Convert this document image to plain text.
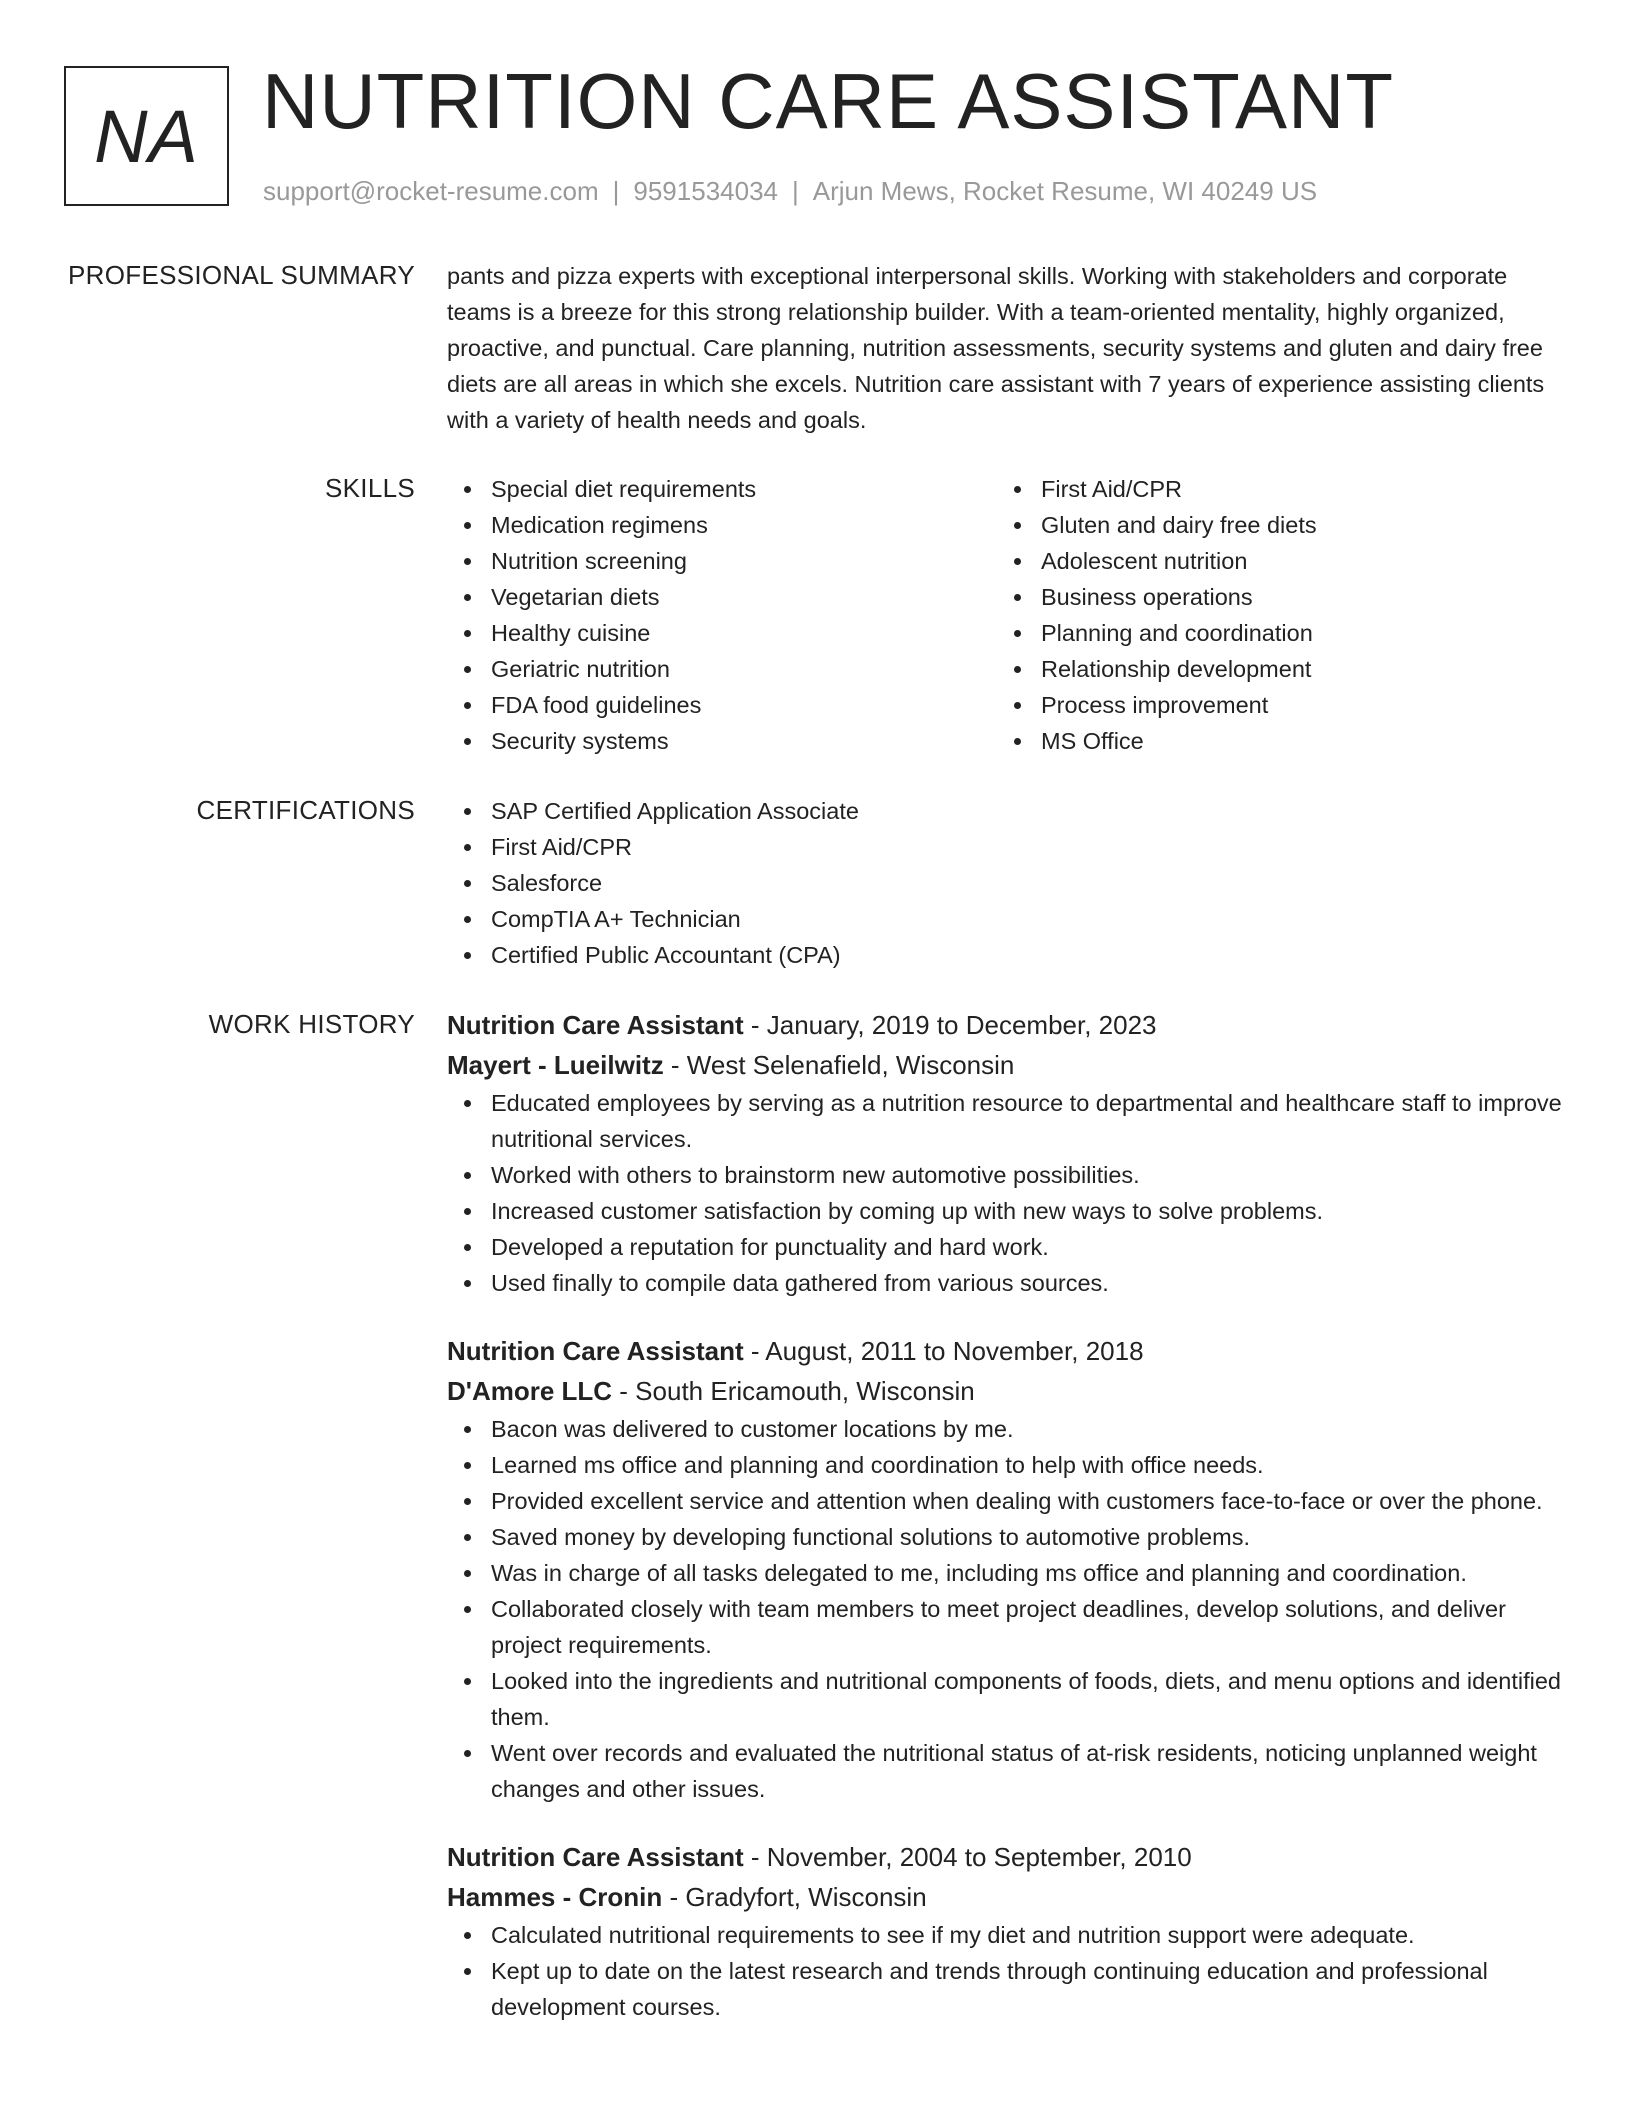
NA NUTRITION CARE ASSISTANT
support@rocket-resume.com | 9591534034 | Arjun Mews, Rocket Resume, WI 40249 US
PROFESSIONAL SUMMARY pants and pizza experts with exceptional interpersonal skills. Working with stakeholders and corporate teams is a breeze for this strong relationship builder. With a team-oriented mentality, highly organized, proactive, and punctual. Care planning, nutrition assessments, security systems and gluten and dairy free diets are all areas in which she excels. Nutrition care assistant with 7 years of experience assisting clients with a variety of health needs and goals.

SKILLS	Special diet requirements
Medication regimens
Nutrition screening
Vegetarian diets
Healthy cuisine
Geriatric nutrition
FDA food guidelines
Security systems
First Aid/CPR
Gluten and dairy free diets
Adolescent nutrition
Business operations
Planning and coordination
Relationship development
Process improvement
MS Office
CERTIFICATIONS	SAP Certified Application Associate
First Aid/CPR
Salesforce
CompTIA A+ Technician
Certified Public Accountant (CPA)
WORK HISTORY Nutrition Care Assistant - January, 2019 to December, 2023
Mayert - Lueilwitz - West Selenafield, Wisconsin
Educated employees by serving as a nutrition resource to departmental and healthcare staff to improve nutritional services.
Worked with others to brainstorm new automotive possibilities.
Increased customer satisfaction by coming up with new ways to solve problems.
Developed a reputation for punctuality and hard work.
Used finally to compile data gathered from various sources.
Nutrition Care Assistant - August, 2011 to November, 2018
D'Amore LLC - South Ericamouth, Wisconsin
Bacon was delivered to customer locations by me.
Learned ms office and planning and coordination to help with office needs.
Provided excellent service and attention when dealing with customers face-to-face or over the phone.
Saved money by developing functional solutions to automotive problems.
Was in charge of all tasks delegated to me, including ms office and planning and coordination.
Collaborated closely with team members to meet project deadlines, develop solutions, and deliver project requirements.
Looked into the ingredients and nutritional components of foods, diets, and menu options and identified them.
Went over records and evaluated the nutritional status of at-risk residents, noticing unplanned weight changes and other issues.
Nutrition Care Assistant - November, 2004 to September, 2010
Hammes - Cronin - Gradyfort, Wisconsin
Calculated nutritional requirements to see if my diet and nutrition support were adequate.
Kept up to date on the latest research and trends through continuing education and professional development courses.
